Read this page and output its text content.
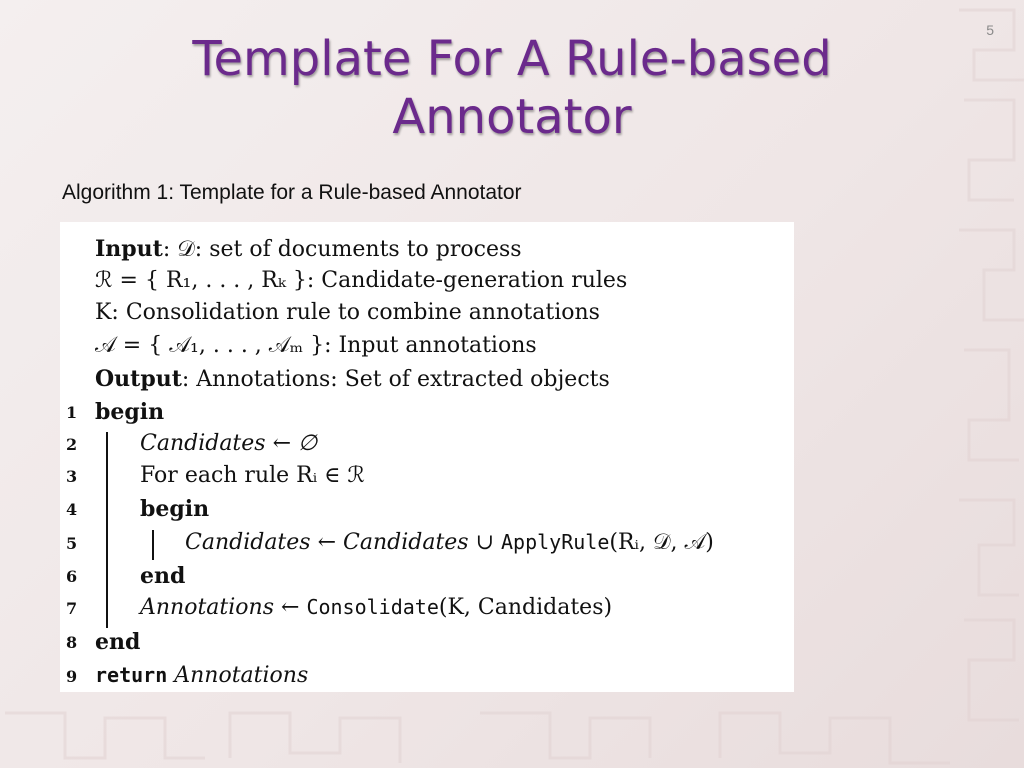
5
Template For A Rule-based
Annotator
Algorithm 1: Template for a Rule-based Annotator
Input: 𝒟: set of documents to process
ℛ = { R₁, . . . , Rₖ }: Candidate-generation rules
K: Consolidation rule to combine annotations
𝒜 = { 𝒜₁, . . . , 𝒜ₘ }: Input annotations
Output: Annotations: Set of extracted objects
1 begin
2	Candidates ← ∅
3	For each rule Rᵢ ∈ ℛ
4	begin
5	Candidates ← Candidates ∪ ApplyRule(Rᵢ, 𝒟, 𝒜)
6	end
7	Annotations ← Consolidate(K, Candidates)
8 end
9 return Annotations
